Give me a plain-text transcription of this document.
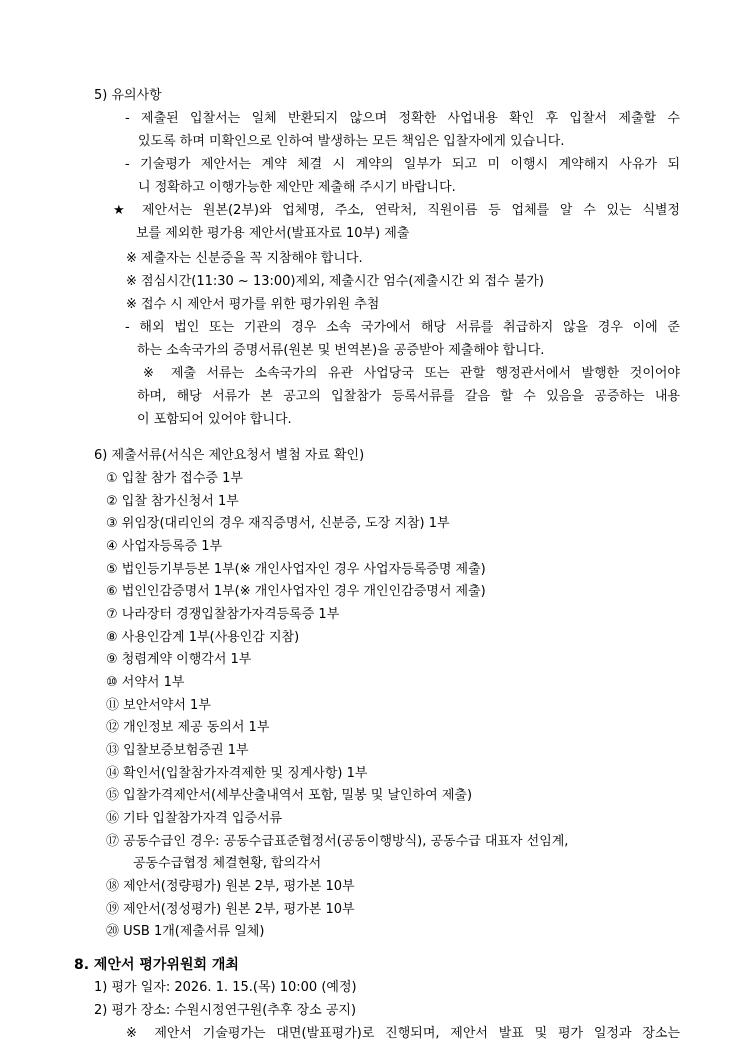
5) 유의사항
- 제출된 입찰서는 일체 반환되지 않으며 정확한 사업내용 확인 후 입찰서 제출할 수
있도록 하며 미확인으로 인하여 발생하는 모든 책임은 입찰자에게 있습니다.
- 기술평가 제안서는 계약 체결 시 계약의 일부가 되고 미 이행시 계약해지 사유가 되
니 정확하고 이행가능한 제안만 제출해 주시기 바랍니다.
★ 제안서는 원본(2부)와 업체명, 주소, 연락처, 직원이름 등 업체를 알 수 있는 식별정
보를 제외한 평가용 제안서(발표자료 10부) 제출
※ 제출자는 신분증을 꼭 지참해야 합니다.
※ 점심시간(11:30 ~ 13:00)제외, 제출시간 엄수(제출시간 외 접수 불가)
※ 접수 시 제안서 평가를 위한 평가위원 추첨
- 해외 법인 또는 기관의 경우 소속 국가에서 해당 서류를 취급하지 않을 경우 이에 준
하는 소속국가의 증명서류(원본 및 번역본)을 공증받아 제출해야 합니다.
※ 제출 서류는 소속국가의 유관 사업당국 또는 관할 행정관서에서 발행한 것이어야
하며, 해당 서류가 본 공고의 입찰참가 등록서류를 갈음 할 수 있음을 공증하는 내용
이 포함되어 있어야 합니다.
6) 제출서류(서식은 제안요청서 별첨 자료 확인)
① 입찰 참가 접수증 1부
② 입찰 참가신청서 1부
③ 위임장(대리인의 경우 재직증명서, 신분증, 도장 지참) 1부
④ 사업자등록증 1부
⑤ 법인등기부등본 1부(※ 개인사업자인 경우 사업자등록증명 제출)
⑥ 법인인감증명서 1부(※ 개인사업자인 경우 개인인감증명서 제출)
⑦ 나라장터 경쟁입찰참가자격등록증 1부
⑧ 사용인감계 1부(사용인감 지참)
⑨ 청렴계약 이행각서 1부
⑩ 서약서 1부
⑪ 보안서약서 1부
⑫ 개인정보 제공 동의서 1부
⑬ 입찰보증보험증권 1부
⑭ 확인서(입찰참가자격제한 및 징계사항) 1부
⑮ 입찰가격제안서(세부산출내역서 포함, 밀봉 및 날인하여 제출)
⑯ 기타 입찰참가자격 입증서류
⑰ 공동수급인 경우: 공동수급표준협정서(공동이행방식), 공동수급 대표자 선임계,
공동수급협정 체결현황, 합의각서
⑱ 제안서(정량평가) 원본 2부, 평가본 10부
⑲ 제안서(정성평가) 원본 2부, 평가본 10부
⑳ USB 1개(제출서류 일체)
8. 제안서 평가위원회 개최
1) 평가 일자: 2026. 1. 15.(목) 10:00 (예정)
2) 평가 장소: 수원시정연구원(추후 장소 공지)
※ 제안서 기술평가는 대면(발표평가)로 진행되며, 제안서 발표 및 평가 일정과 장소는
